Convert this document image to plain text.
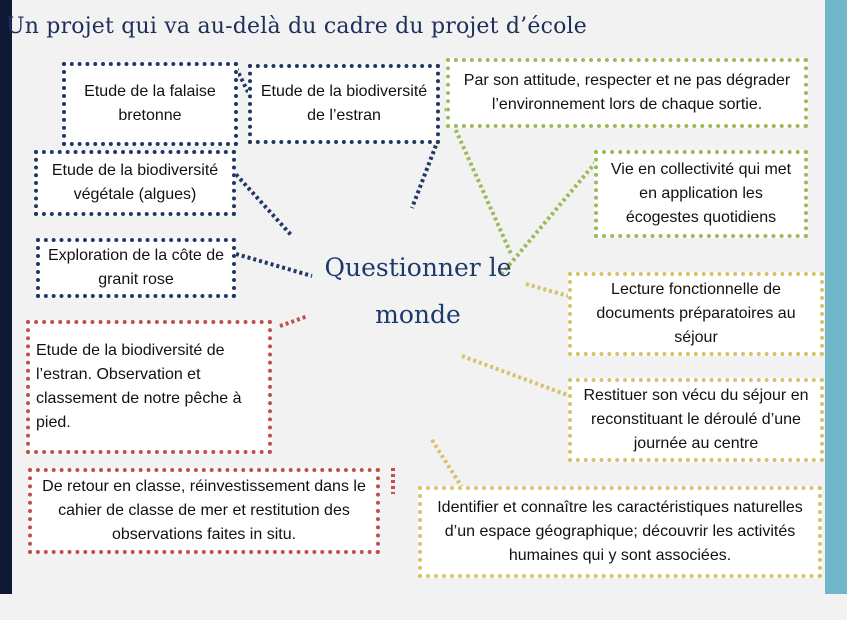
Un projet qui va au-delà du cadre du projet d’école
Etude de la falaise bretonne
Etude de la biodiversité de l’estran
Etude de la biodiversité végétale (algues)
Exploration de la côte de granit rose
Etude de la biodiversité de l’estran. Observation et classement de notre pêche à pied.
De retour en classe, réinvestissement dans le cahier de classe de mer et restitution des observations faites in situ.
Par son attitude, respecter et ne pas dégrader l’environnement lors de chaque sortie.
Vie en collectivité qui met en application les écogestes quotidiens
Lecture fonctionnelle de documents préparatoires au séjour
Restituer son vécu du séjour en reconstituant le déroulé d’une journée au centre
Identifier et connaître les caractéristiques naturelles d’un espace géographique; découvrir les activités humaines qui y sont associées.
Questionner le monde
